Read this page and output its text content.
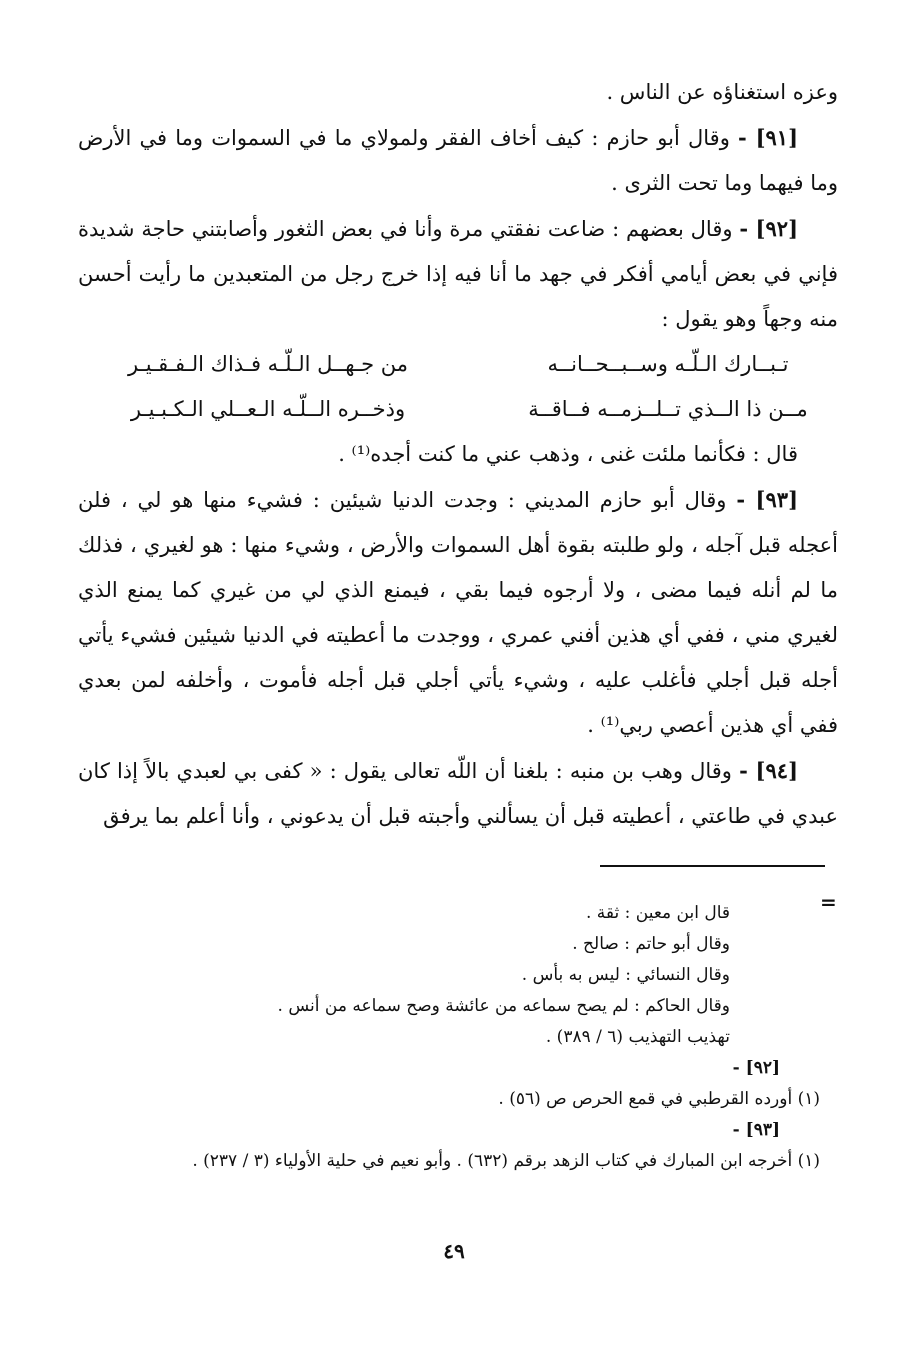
وعزه استغناؤه عن الناس .

[٩١] - وقال أبو حازم : كيف أخاف الفقر ولمولاي ما في السموات وما في الأرض وما فيهما وما تحت الثرى .

[٩٢] - وقال بعضهم : ضاعت نفقتي مرة وأنا في بعض الثغور وأصابتني حاجة شديدة فإني في بعض أيامي أفكر في جهد ما أنا فيه إذا خرج رجل من المتعبدين ما رأيت أحسن منه وجهاً وهو يقول :

تـبــارك الـلّـه وســبــحــانــه
من جـهــل الـلّـه فـذاك الـفـقـيـر
مــن ذا الــذي تــلــزمــه فــاقــة
وذخــره الــلّـه الـعــلي الـكـبـيـر

قال : فكأنما ملئت غنى ، وذهب عني ما كنت أجده⁽¹⁾ .

[٩٣] - وقال أبو حازم المديني : وجدت الدنيا شيئين : فشيء منها هو لي ، فلن أعجله قبل آجله ، ولو طلبته بقوة أهل السموات والأرض ، وشيء منها : هو لغيري ، فذلك ما لم أنله فيما مضى ، ولا أرجوه فيما بقي ، فيمنع الذي لي من غيري كما يمنع الذي لغيري مني ، ففي أي هذين أفني عمري ، ووجدت ما أعطيته في الدنيا شيئين فشيء يأتي أجله قبل أجلي فأغلب عليه ، وشيء يأتي أجلي قبل أجله فأموت ، وأخلفه لمن بعدي ففي أي هذين أعصي ربي⁽¹⁾ .

[٩٤] - وقال وهب بن منبه : بلغنا أن اللّه تعالى يقول : « كفى بي لعبدي بالاً إذا كان عبدي في طاعتي ، أعطيته قبل أن يسألني وأجبته قبل أن يدعوني ، وأنا أعلم بما يرفق

=

قال ابن معين : ثقة .

وقال أبو حاتم : صالح .

وقال النسائي : ليس به بأس .

وقال الحاكم : لم يصح سماعه من عائشة وصح سماعه من أنس .

تهذيب التهذيب (٦ / ٣٨٩) .

[٩٢] -

(١) أورده القرطبي في قمع الحرص ص (٥٦) .

[٩٣] -

(١) أخرجه ابن المبارك في كتاب الزهد برقم (٦٣٢) . وأبو نعيم في حلية الأولياء (٣ / ٢٣٧) .

٤٩
